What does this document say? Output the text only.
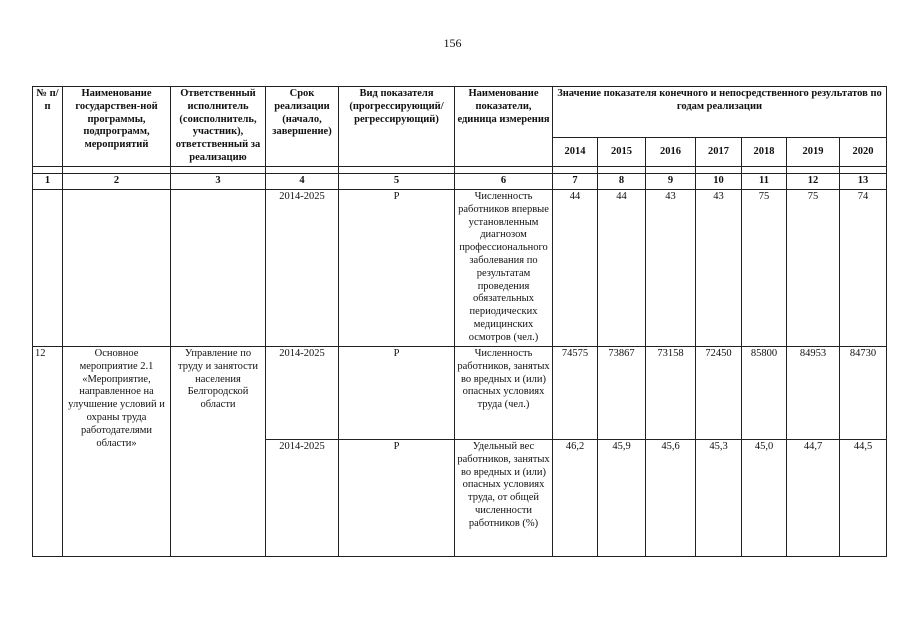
156
№ п/п	Наименование государствен-ной программы, подпрограмм, мероприятий	Ответственный исполнитель (соисполнитель, участник), ответственный за реализацию	Срок реализации (начало, завершение)	Вид показателя (прогрессирующий/ регрессирующий)	Наименование показатели, единица измерения	Значение показателя конечного и непосредственного результатов по годам реализации						
						2014	2015	2016	2017	2018	2019	2020

1	2	3	4	5	6	7	8	9	10	11	12	13
			2014-2025	Р	Численность работников впервые установленным диагнозом профессионального заболевания по результатам проведения обязательных периодических медицинских осмотров (чел.)	44	44	43	43	75	75	74
12	Основное мероприятие 2.1 «Мероприятие, направленное на улучшение условий и охраны труда работодателями области»	Управление по труду и занятости населения Белгородской области	2014-2025	Р	Численность работников, занятых во вредных и (или) опасных условиях труда (чел.)	74575	73867	73158	72450	85800	84953	84730
			2014-2025	Р	Удельный вес работников, занятых во вредных и (или) опасных условиях труда, от общей численности работников (%)	46,2	45,9	45,6	45,3	45,0	44,7	44,5
